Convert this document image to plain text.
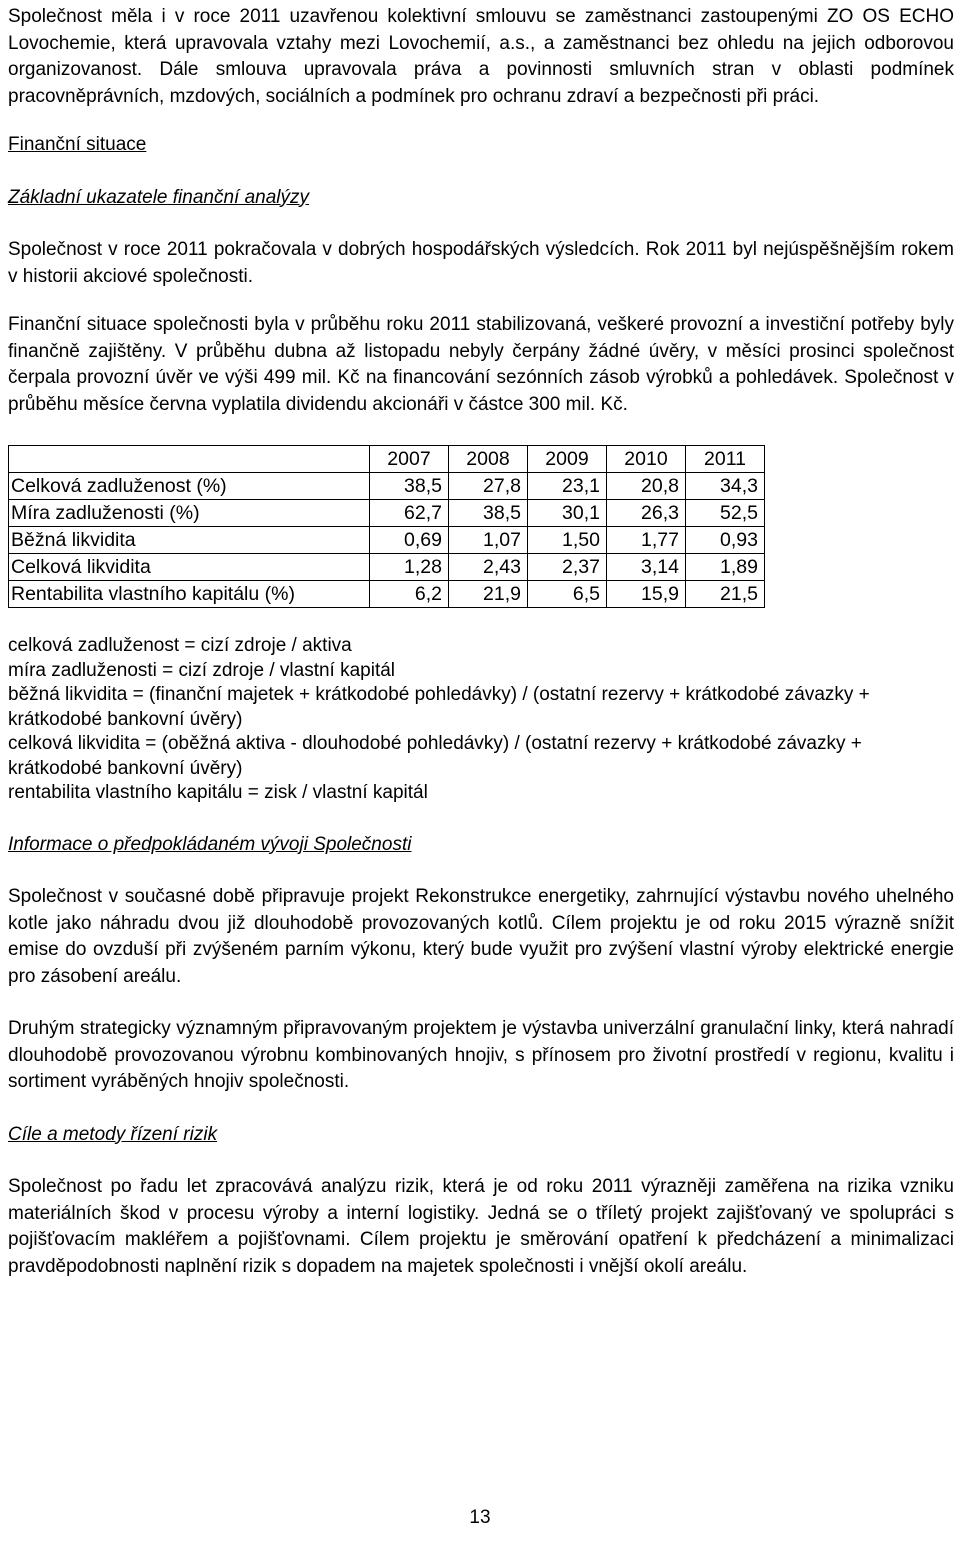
Společnost měla i v roce 2011 uzavřenou kolektivní smlouvu se zaměstnanci zastoupenými ZO OS ECHO Lovochemie, která upravovala vztahy mezi Lovochemií, a.s., a zaměstnanci bez ohledu na jejich odborovou organizovanost. Dále smlouva upravovala práva a povinnosti smluvních stran v oblasti podmínek pracovněprávních, mzdových, sociálních a podmínek pro ochranu zdraví a bezpečnosti při práci.

Finanční situace

Základní ukazatele finanční analýzy

Společnost v roce 2011 pokračovala v dobrých hospodářských výsledcích. Rok 2011 byl nejúspěšnějším rokem v historii akciové společnosti.

Finanční situace společnosti byla v průběhu roku 2011 stabilizovaná, veškeré provozní a investiční potřeby byly finančně zajištěny. V průběhu dubna až listopadu nebyly čerpány žádné úvěry, v měsíci prosinci společnost čerpala provozní úvěr ve výši 499 mil. Kč na financování sezónních zásob výrobků a pohledávek. Společnost v průběhu měsíce června vyplatila dividendu akcionáři v částce 300 mil. Kč.

	2007	2008	2009	2010	2011
Celková zadluženost (%)	38,5	27,8	23,1	20,8	34,3
Míra zadluženosti (%)	62,7	38,5	30,1	26,3	52,5
Běžná likvidita	0,69	1,07	1,50	1,77	0,93
Celková likvidita	1,28	2,43	2,37	3,14	1,89
Rentabilita vlastního kapitálu (%)	6,2	21,9	6,5	15,9	21,5

celková zadluženost = cizí zdroje / aktiva

míra zadluženosti = cizí zdroje / vlastní kapitál

běžná likvidita = (finanční majetek + krátkodobé pohledávky) / (ostatní rezervy + krátkodobé závazky + krátkodobé bankovní úvěry)

celková likvidita = (oběžná aktiva - dlouhodobé pohledávky) / (ostatní rezervy + krátkodobé závazky + krátkodobé bankovní úvěry)

rentabilita vlastního kapitálu = zisk / vlastní kapitál

Informace o předpokládaném vývoji Společnosti

Společnost v současné době připravuje projekt Rekonstrukce energetiky, zahrnující výstavbu nového uhelného kotle jako náhradu dvou již dlouhodobě provozovaných kotlů. Cílem projektu je od roku 2015 výrazně snížit emise do ovzduší při zvýšeném parním výkonu, který bude využit pro zvýšení vlastní výroby elektrické energie pro zásobení areálu.

Druhým strategicky významným připravovaným projektem je výstavba univerzální granulační linky, která nahradí dlouhodobě provozovanou výrobnu kombinovaných hnojiv, s přínosem pro životní prostředí v regionu, kvalitu i sortiment vyráběných hnojiv společnosti.

Cíle a metody řízení rizik

Společnost po řadu let zpracovává analýzu rizik, která je od roku 2011 výrazněji zaměřena na rizika vzniku materiálních škod v procesu výroby a interní logistiky. Jedná se o tříletý projekt zajišťovaný ve spolupráci s pojišťovacím makléřem a pojišťovnami. Cílem projektu je směrování opatření k předcházení a minimalizaci pravděpodobnosti naplnění rizik s dopadem na majetek společnosti i vnější okolí areálu.

13
